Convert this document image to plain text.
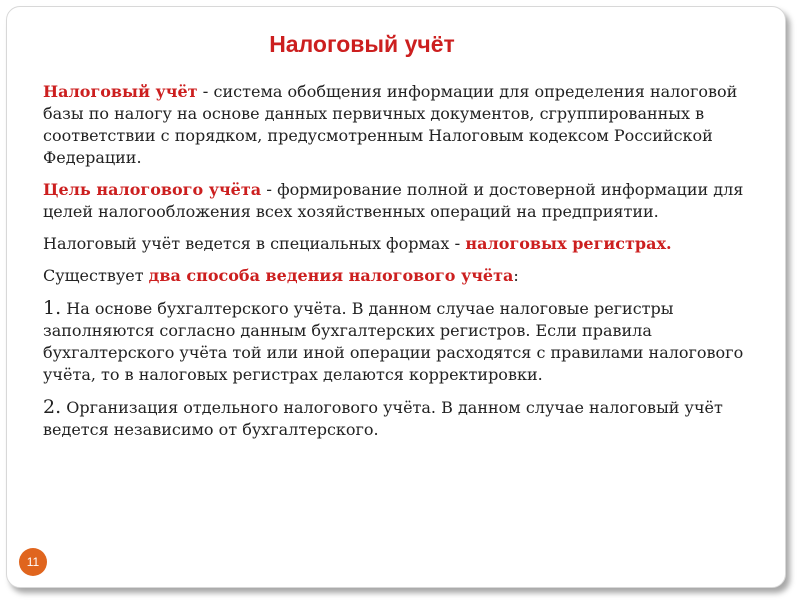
Налоговый учёт

Налоговый учёт - система обобщения информации для определения налоговой базы по налогу на основе данных первичных документов, сгруппированных в соответствии с порядком, предусмотренным Налоговым кодексом Российской Федерации.

Цель налогового учёта - формирование полной и достоверной информации для целей налогообложения всех хозяйственных операций на предприятии.

Налоговый учёт ведется в специальных формах - налоговых регистрах.

Существует два способа ведения налогового учёта:

1. На основе бухгалтерского учёта. В данном случае налоговые регистры заполняются согласно данным бухгалтерских регистров. Если правила бухгалтерского учёта той или иной операции расходятся с правилами налогового учёта, то в налоговых регистрах делаются корректировки.

2. Организация отдельного налогового учёта. В данном случае налоговый учёт ведется независимо от бухгалтерского.

11
